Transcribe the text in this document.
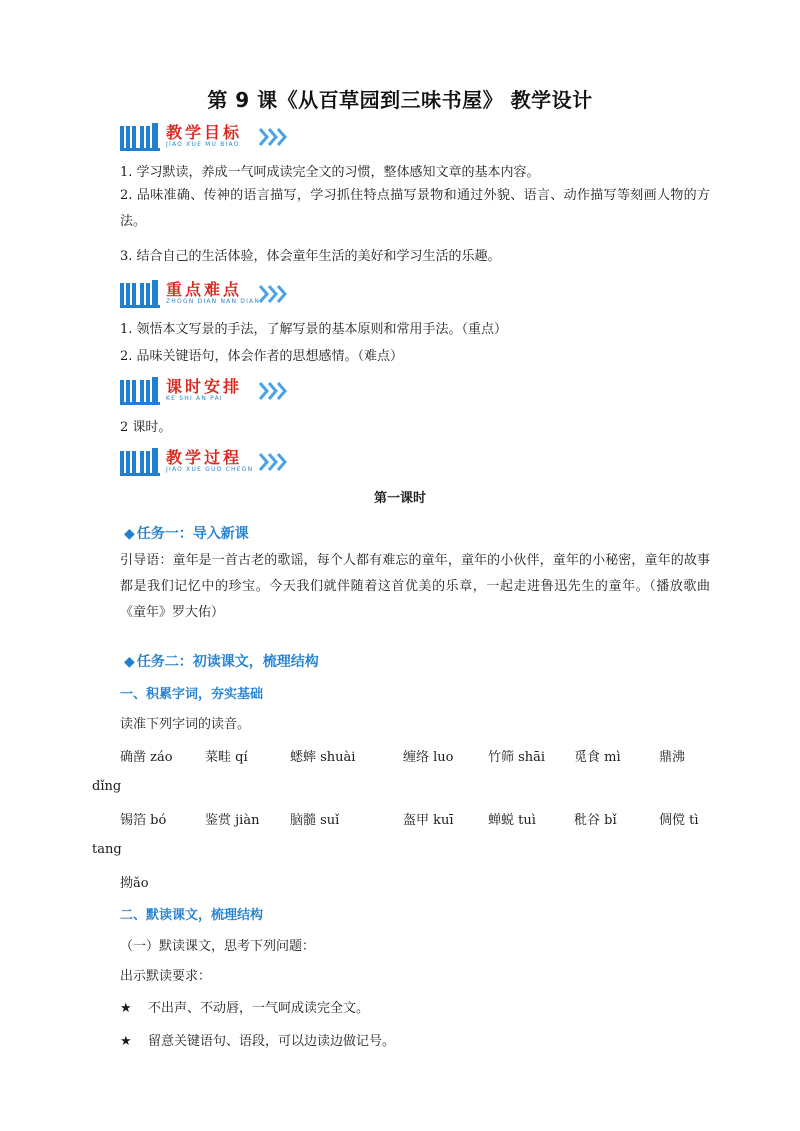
第 9 课《从百草园到三味书屋》 教学设计
教学目标
JIAO XUE MU BIAO
1. 学习默读，养成一气呵成读完全文的习惯，整体感知文章的基本内容。
2. 品味准确、传神的语言描写，学习抓住特点描写景物和通过外貌、语言、动作描写等刻画人物的方法。
3. 结合自己的生活体验，体会童年生活的美好和学习生活的乐趣。
重点难点
ZHOGN DIAN NAN DIAN
1. 领悟本文写景的手法，了解写景的基本原则和常用手法。（重点）
2. 品味关键语句，体会作者的思想感情。（难点）
课时安排
KE SHI AN PAI
2 课时。
教学过程
JIAO XUE GUO CHEGN
第一课时
◆ 任务一：导入新课
引导语：童年是一首古老的歌谣，每个人都有难忘的童年，童年的小伙伴，童年的小秘密，童年的故事都是我们记忆中的珍宝。今天我们就伴随着这首优美的乐章，一起走进鲁迅先生的童年。（播放歌曲《童年》罗大佑）
◆ 任务二：初读课文，梳理结构
一、积累字词，夯实基础
读准下列字词的读音。
确凿 záo 菜畦 qí	蟋蟀 shuài	缠络 luo	竹筛 shāi 觅食 mì	鼎沸
dǐng
锡箔 bó	鉴赏 jiàn 脑髓 suǐ	盔甲 kuī	蝉蜕 tuì	秕谷 bǐ	倜傥 tì
tang
拗ǎo
二、默读课文，梳理结构
（一）默读课文，思考下列问题：
出示默读要求：
★ 不出声、不动唇，一气呵成读完全文。
★ 留意关键语句、语段，可以边读边做记号。
